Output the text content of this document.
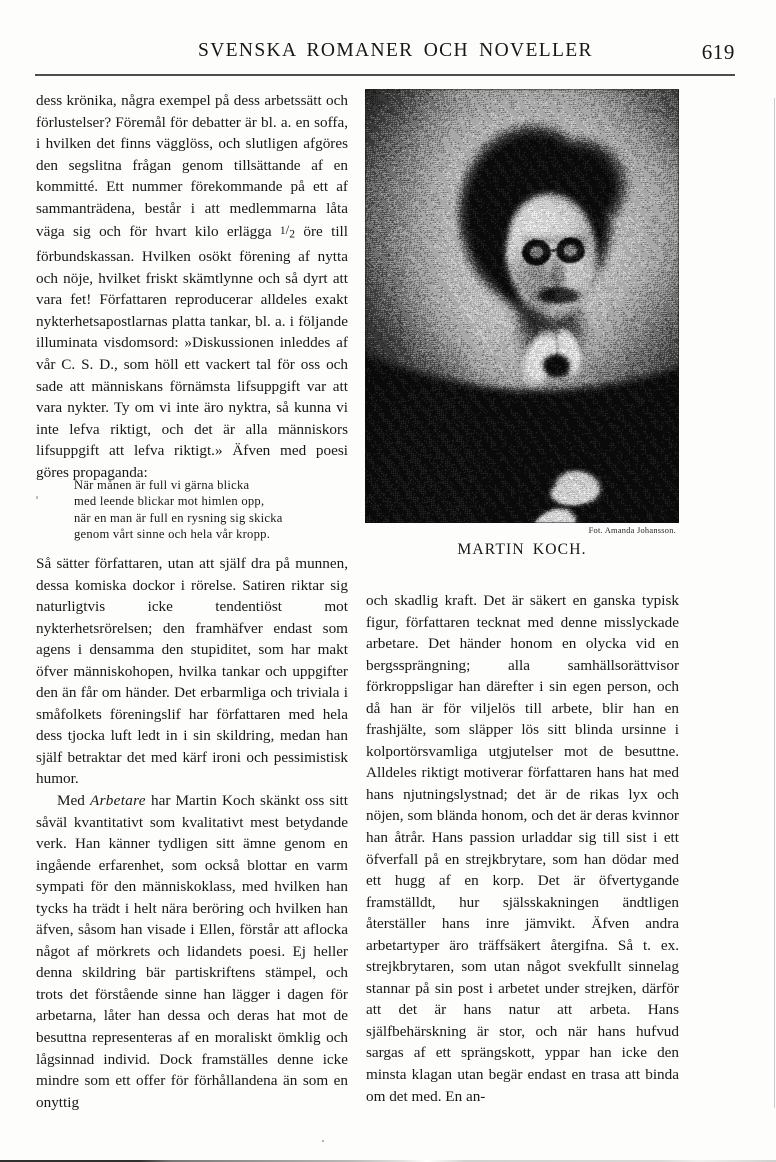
SVENSKA ROMANER OCH NOVELLER	619
Fot. Amanda Johansson.
MARTIN KOCH.

dess krönika, några exempel på dess arbetssätt och förlustelser? Föremål för debatter är bl. a. en soffa, i hvilken det finns vägglöss, och slutligen afgöres den segslitna frågan genom tillsättande af en kommitté. Ett nummer förekommande på ett af sammanträdena, består i att medlemmarna låta väga sig och för hvart kilo erlägga 1/2 öre till förbundskassan. Hvilken osökt förening af nytta och nöje, hvilket friskt skämtlynne och så dyrt att vara fet! Författaren reproducerar alldeles exakt nykterhetsapostlarnas platta tankar, bl. a. i följande illuminata visdomsord: »Diskussionen inleddes af vår C. S. D., som höll ett vackert tal för oss och sade att människans förnämsta lifsuppgift var att vara nykter. Ty om vi inte äro nyktra, så kunna vi inte lefva riktigt, och det är alla människors lifsuppgift att lefva riktigt.» Äfven med poesi göres propaganda:

När månen är full vi gärna blicka
med leende blickar mot himlen opp,
när en man är full en rysning sig skicka
genom vårt sinne och hela vår kropp.

Så sätter författaren, utan att själf dra på munnen, dessa komiska dockor i rörelse. Satiren riktar sig naturligtvis icke tendentiöst mot nykterhetsrörelsen; den framhäfver endast som agens i densamma den stupiditet, som har makt öfver människohopen, hvilka tankar och uppgifter den än får om händer. Det erbarmliga och triviala i småfolkets föreningslif har författaren med hela dess tjocka luft ledt in i sin skildring, medan han själf betraktar det med kärf ironi och pessimistisk humor.

Med Arbetare har Martin Koch skänkt oss sitt såväl kvantitativt som kvalitativt mest betydande verk. Han känner tydligen sitt ämne genom en ingående erfarenhet, som också blottar en varm sympati för den människoklass, med hvilken han tycks ha trädt i helt nära beröring och hvilken han äfven, såsom han visade i Ellen, förstår att aflocka något af mörkrets och lidandets poesi. Ej heller denna skildring bär partiskriftens stämpel, och trots det förstående sinne han lägger i dagen för arbetarna, låter han dessa och deras hat mot de besuttna representeras af en moraliskt ömklig och lågsinnad individ. Dock framställes denne icke mindre som ett offer för förhållandena än som en onyttig

och skadlig kraft. Det är säkert en ganska typisk figur, författaren tecknat med denne misslyckade arbetare. Det händer honom en olycka vid en bergssprängning; alla samhällsorättvisor förkroppsligar han därefter i sin egen person, och då han är för viljelös till arbete, blir han en frashjälte, som släpper lös sitt blinda ursinne i kolportörsvamliga utgjutelser mot de besuttne. Alldeles riktigt motiverar författaren hans hat med hans njutningslystnad; det är de rikas lyx och nöjen, som blända honom, och det är deras kvinnor han åtrår. Hans passion urladdar sig till sist i ett öfverfall på en strejkbrytare, som han dödar med ett hugg af en korp. Det är öfvertygande framställdt, hur själsskakningen ändtligen återställer hans inre jämvikt. Äfven andra arbetartyper äro träffsäkert återgifna. Så t. ex. strejkbrytaren, som utan något svekfullt sinnelag stannar på sin post i arbetet under strejken, därför att det är hans natur att arbeta. Hans själfbehärskning är stor, och när hans hufvud sargas af ett sprängskott, yppar han icke den minsta klagan utan begär endast en trasa att binda om det med. En an-
